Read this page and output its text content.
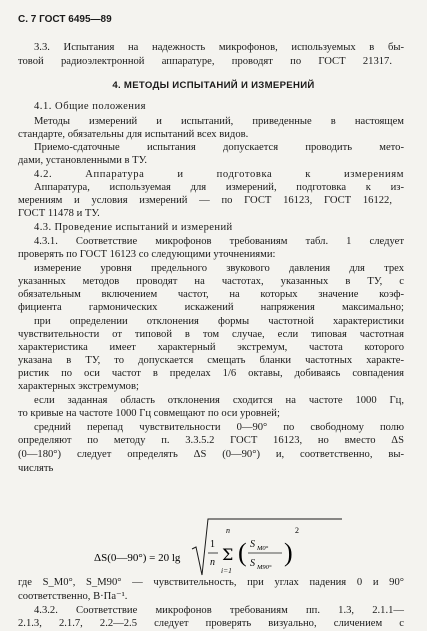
С. 7 ГОСТ 6495—89
3.3. Испытания на надежность микрофонов, используемых в бы-
товой радиоэлектронной аппаратуре, проводят по ГОСТ 21317.
4. МЕТОДЫ ИСПЫТАНИЙ И ИЗМЕРЕНИЙ
4.1. Общие положения
Методы измерений и испытаний, приведенные в настоящем
стандарте, обязательны для испытаний всех видов.
Приемо-сдаточные испытания допускается проводить мето-
дами, установленными в ТУ.
4.2. Аппаратура и подготовка к измерениям
Аппаратура, используемая для измерений, подготовка к из-
мерениям и условия измерений — по ГОСТ 16123, ГОСТ 16122,
ГОСТ 11478 и ТУ.
4.3. Проведение испытаний и измерений
4.3.1. Соответствие микрофонов требованиям табл. 1 следует
проверять по ГОСТ 16123 со следующими уточнениями:
измерение уровня предельного звукового давления для трех
указанных методов проводят на частотах, указанных в ТУ, с
обязательным включением частот, на которых значение коэф-
фициента гармонических искажений напряжения максимально;
при определении отклонения формы частотной характеристики
чувствительности от типовой в том случае, если типовая частотная
характеристика имеет характерный экстремум, частота которого
указана в ТУ, то допускается смещать бланки частотных характе-
ристик по оси частот в пределах 1/6 октавы, добиваясь совпадения
характерных экстремумов;
если заданная область отклонения сходится на частоте 1000 Гц,
то кривые на частоте 1000 Гц совмещают по оси уровней;
средний перепад чувствительности 0—90° по свободному полю
определяют по методу п. 3.3.5.2 ГОСТ 16123, но вместо ΔS
(0—180°) следует определять ΔS (0—90°) и, соответственно, вы-
числять
ΔS(0—90°) = 20 lg
1
n
n
Σ
i=1
( S M0°
S M90°
)
2
где S_M0°, S_M90° — чувствительность, при углах падения 0 и 90°
соответственно, В·Па⁻¹.
4.3.2. Соответствие микрофонов требованиям пп. 1.3, 2.1.1—
2.1.3, 2.1.7, 2.2—2.5 следует проверять визуально, сличением с
